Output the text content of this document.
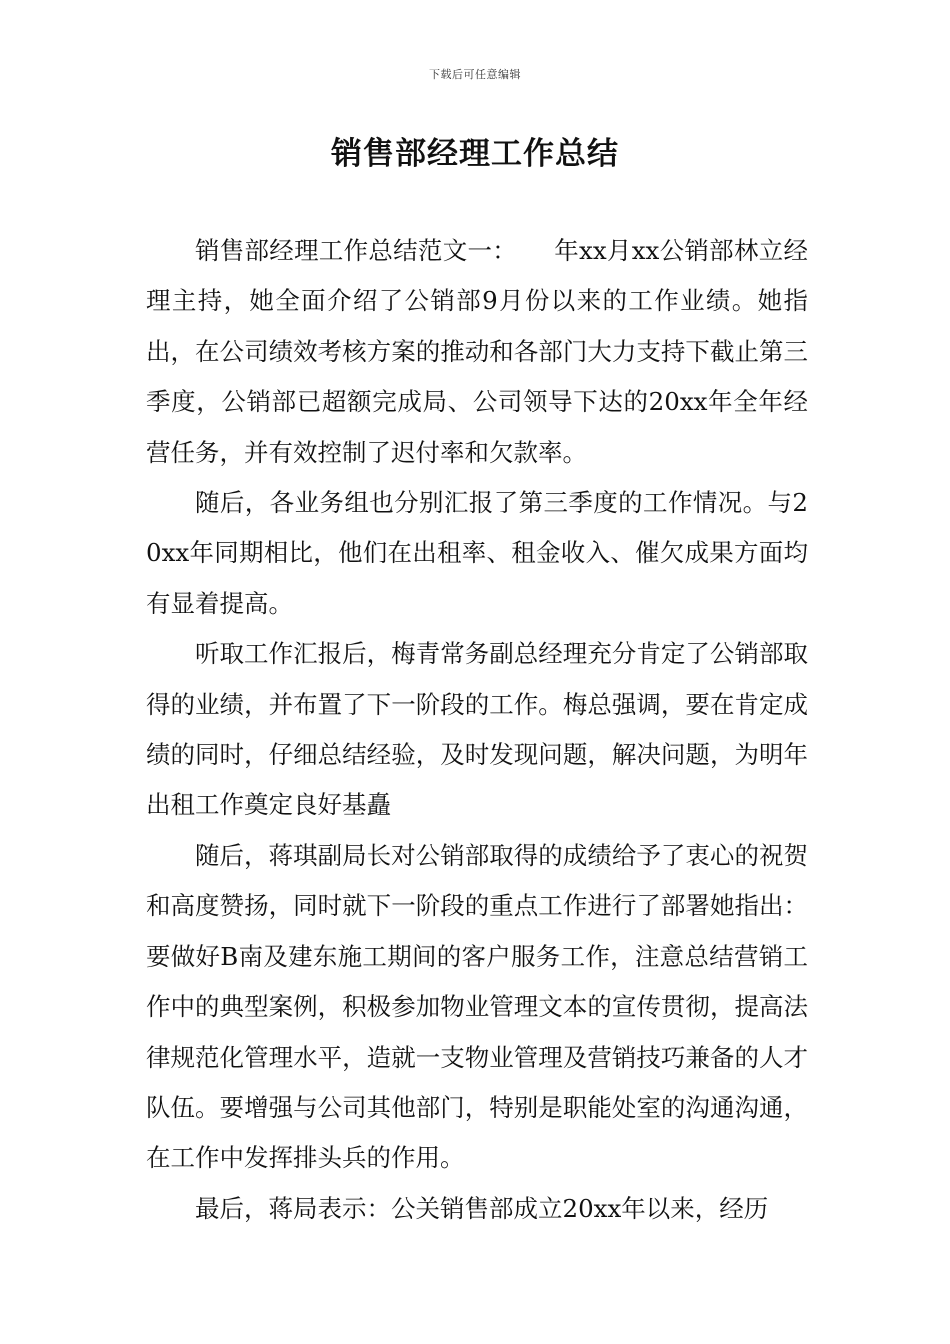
下载后可任意编辑
销售部经理工作总结

销售部经理工作总结范文一：　　年xx月xx公销部林立经理主持，她全面介绍了公销部9月份以来的工作业绩。她指出，在公司绩效考核方案的推动和各部门大力支持下截止第三季度，公销部已超额完成局、公司领导下达的20xx年全年经营任务，并有效控制了迟付率和欠款率。

随后，各业务组也分别汇报了第三季度的工作情况。与20xx年同期相比，他们在出租率、租金收入、催欠成果方面均有显着提高。

听取工作汇报后，梅青常务副总经理充分肯定了公销部取得的业绩，并布置了下一阶段的工作。梅总强调，要在肯定成绩的同时，仔细总结经验，及时发现问题，解决问题，为明年出租工作奠定良好基矗

随后，蒋琪副局长对公销部取得的成绩给予了衷心的祝贺和高度赞扬，同时就下一阶段的重点工作进行了部署她指出：要做好B南及建东施工期间的客户服务工作，注意总结营销工作中的典型案例，积极参加物业管理文本的宣传贯彻，提高法律规范化管理水平，造就一支物业管理及营销技巧兼备的人才队伍。要增强与公司其他部门，特别是职能处室的沟通沟通，在工作中发挥排头兵的作用。

最后，蒋局表示：公关销售部成立20xx年以来，经历
